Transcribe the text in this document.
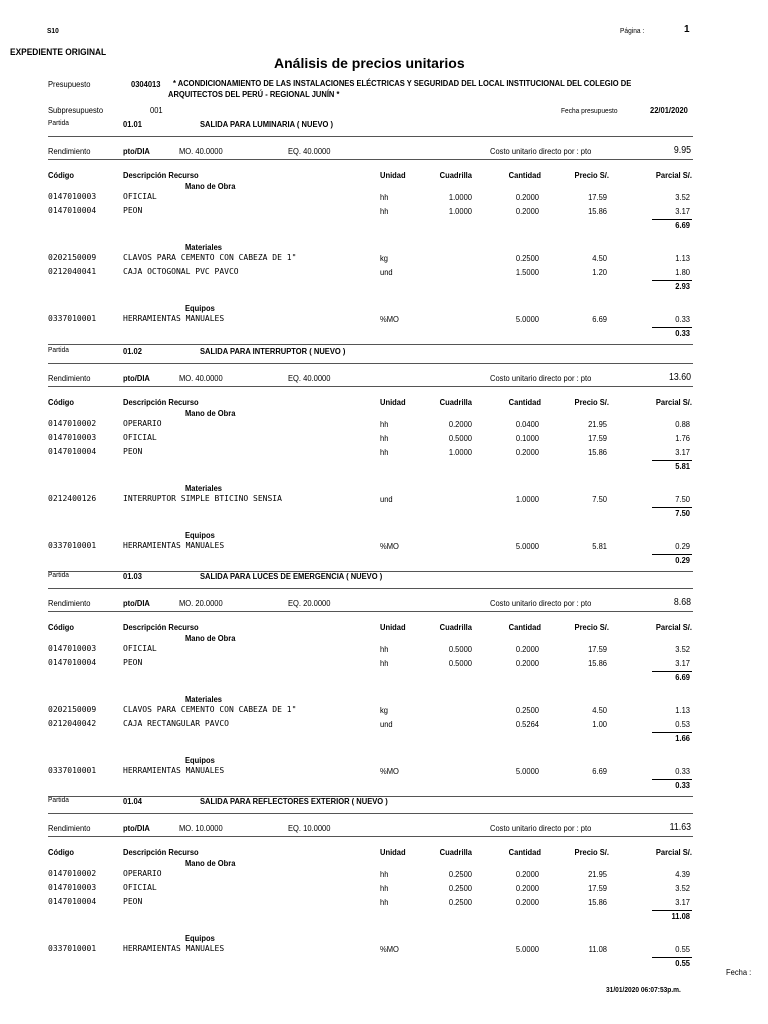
S10	Página :	1
EXPEDIENTE ORIGINAL
Análisis de precios unitarios
Presupuesto	0304013 * ACONDICIONAMIENTO DE LAS INSTALACIONES ELÉCTRICAS Y SEGURIDAD DEL LOCAL INSTITUCIONAL DEL COLEGIO DE
ARQUITECTOS DEL PERÚ - REGIONAL JUNÍN *
Subpresupuesto	001	Fecha presupuesto	22/01/2020
Partida	01.01	SALIDA PARA LUMINARIA ( NUEVO )
Rendimiento	pto/DIA	MO. 40.0000	EQ. 40.0000	Costo unitario directo por : pto	9.95
Código	Descripción Recurso	Unidad	Cuadrilla	Cantidad	Precio S/.	Parcial S/.
Mano de Obra
0147010003	OFICIAL	hh	1.0000	0.2000	17.59	3.52
0147010004	PEON	hh	1.0000	0.2000	15.86	3.17
6.69
Materiales
0202150009	CLAVOS PARA CEMENTO CON CABEZA DE 1"	kg	0.2500	4.50	1.13
0212040041	CAJA OCTOGONAL PVC PAVCO	und	1.5000	1.20	1.80
2.93
Equipos
0337010001	HERRAMIENTAS MANUALES	%MO	5.0000	6.69	0.33
0.33
Partida	01.02	SALIDA PARA INTERRUPTOR ( NUEVO )
Rendimiento	pto/DIA	MO. 40.0000	EQ. 40.0000	Costo unitario directo por : pto	13.60
Código	Descripción Recurso	Unidad	Cuadrilla	Cantidad	Precio S/.	Parcial S/.
Mano de Obra
0147010002	OPERARIO	hh	0.2000	0.0400	21.95	0.88
0147010003	OFICIAL	hh	0.5000	0.1000	17.59	1.76
0147010004	PEON	hh	1.0000	0.2000	15.86	3.17
5.81
Materiales
0212400126	INTERRUPTOR SIMPLE BTICINO SENSIA	und	1.0000	7.50	7.50
7.50
Equipos
0337010001	HERRAMIENTAS MANUALES	%MO	5.0000	5.81	0.29
0.29
Partida	01.03	SALIDA PARA LUCES DE EMERGENCIA ( NUEVO )
Rendimiento	pto/DIA	MO. 20.0000	EQ. 20.0000	Costo unitario directo por : pto	8.68
Código	Descripción Recurso	Unidad	Cuadrilla	Cantidad	Precio S/.	Parcial S/.
Mano de Obra
0147010003	OFICIAL	hh	0.5000	0.2000	17.59	3.52
0147010004	PEON	hh	0.5000	0.2000	15.86	3.17
6.69
Materiales
0202150009	CLAVOS PARA CEMENTO CON CABEZA DE 1"	kg	0.2500	4.50	1.13
0212040042	CAJA RECTANGULAR PAVCO	und	0.5264	1.00	0.53
1.66
Equipos
0337010001	HERRAMIENTAS MANUALES	%MO	5.0000	6.69	0.33
0.33
Partida	01.04	SALIDA PARA REFLECTORES EXTERIOR ( NUEVO )
Rendimiento	pto/DIA	MO. 10.0000	EQ. 10.0000	Costo unitario directo por : pto	11.63
Código	Descripción Recurso	Unidad	Cuadrilla	Cantidad	Precio S/.	Parcial S/.
Mano de Obra
0147010002	OPERARIO	hh	0.2500	0.2000	21.95	4.39
0147010003	OFICIAL	hh	0.2500	0.2000	17.59	3.52
0147010004	PEON	hh	0.2500	0.2000	15.86	3.17
11.08
Equipos
0337010001	HERRAMIENTAS MANUALES	%MO	5.0000	11.08	0.55
0.55
Fecha :
31/01/2020 06:07:53p.m.
